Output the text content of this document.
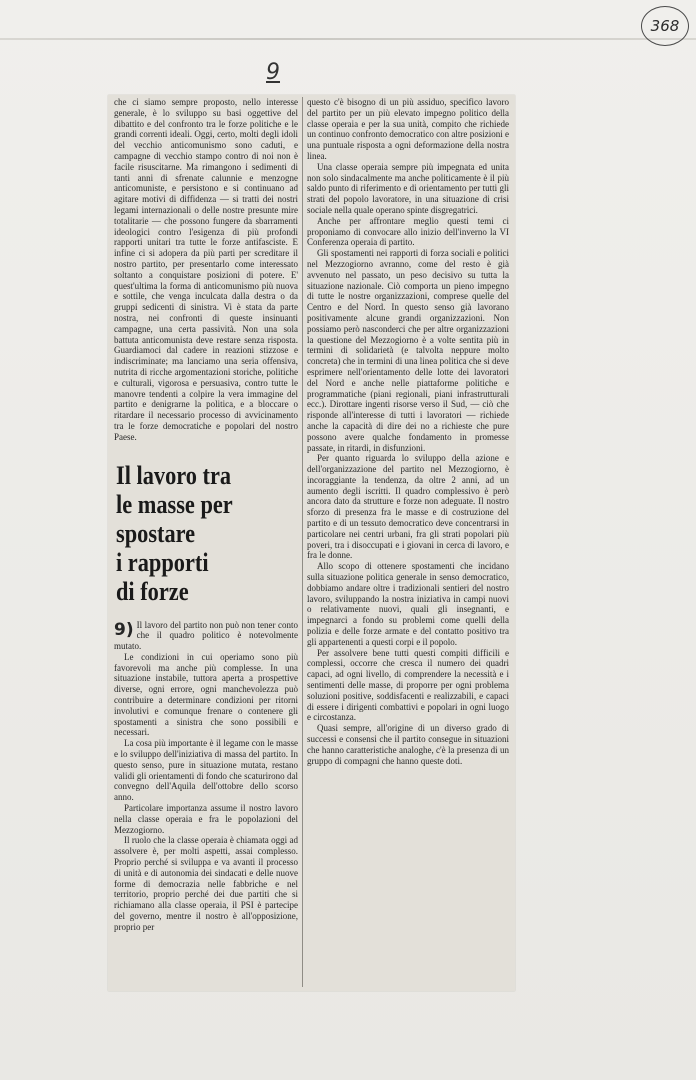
368
9

che ci siamo sempre proposto, nello interesse generale, è lo sviluppo su basi oggettive del dibattito e del confronto tra le forze politiche e le grandi correnti ideali. Oggi, certo, molti degli idoli del vecchio anticomunismo sono caduti, e campagne di vecchio stampo contro di noi non è facile risuscitarne. Ma rimangono i sedimenti di tanti anni di sfrenate calunnie e menzogne anticomuniste, e persistono e si continuano ad agitare motivi di diffidenza — si tratti dei nostri legami internazionali o delle nostre presunte mire totalitarie — che possono fungere da sbarramenti ideologici contro l'esigenza di più profondi rapporti unitari tra tutte le forze antifasciste. E infine ci si adopera da più parti per screditare il nostro partito, per presentarlo come interessato soltanto a conquistare posizioni di potere. E' quest'ultima la forma di anticomunismo più nuova e sottile, che venga inculcata dalla destra o da gruppi sedicenti di sinistra. Vi è stata da parte nostra, nei confronti di queste insinuanti campagne, una certa passività. Non una sola battuta anticomunista deve restare senza risposta. Guardiamoci dal cadere in reazioni stizzose e indiscriminate; ma lanciamo una seria offensiva, nutrita di ricche argomentazioni storiche, politiche e culturali, vigorosa e persuasiva, contro tutte le manovre tendenti a colpire la vera immagine del partito e denigrarne la politica, e a bloccare o ritardare il necessario processo di avvicinamento tra le forze democratiche e popolari del nostro Paese.

Il lavoro tra
le masse per
spostare
i rapporti
di forze

9) Il lavoro del partito non può non tener conto che il quadro politico è notevolmente mutato.

Le condizioni in cui operiamo sono più favorevoli ma anche più complesse. In una situazione instabile, tuttora aperta a prospettive diverse, ogni errore, ogni manchevolezza può contribuire a determinare condizioni per ritorni involutivi e comunque frenare o contenere gli spostamenti a sinistra che sono possibili e necessari.

La cosa più importante è il legame con le masse e lo sviluppo dell'iniziativa di massa del partito. In questo senso, pure in situazione mutata, restano validi gli orientamenti di fondo che scaturirono dal convegno dell'Aquila dell'ottobre dello scorso anno.

Particolare importanza assume il nostro lavoro nella classe operaia e fra le popolazioni del Mezzogiorno.

Il ruolo che la classe operaia è chiamata oggi ad assolvere è, per molti aspetti, assai complesso. Proprio perché si sviluppa e va avanti il processo di unità e di autonomia dei sindacati e delle nuove forme di democrazia nelle fabbriche e nel territorio, proprio perché dei due partiti che si richiamano alla classe operaia, il PSI è partecipe del governo, mentre il nostro è all'opposizione, proprio per

questo c'è bisogno di un più assiduo, specifico lavoro del partito per un più elevato impegno politico della classe operaia e per la sua unità, compito che richiede un continuo confronto democratico con altre posizioni e una puntuale risposta a ogni deformazione della nostra linea.

Una classe operaia sempre più impegnata ed unita non solo sindacalmente ma anche politicamente è il più saldo punto di riferimento e di orientamento per tutti gli strati del popolo lavoratore, in una situazione di crisi sociale nella quale operano spinte disgregatrici.

Anche per affrontare meglio questi temi ci proponiamo di convocare allo inizio dell'inverno la VI Conferenza operaia di partito.

Gli spostamenti nei rapporti di forza sociali e politici nel Mezzogiorno avranno, come del resto è già avvenuto nel passato, un peso decisivo su tutta la situazione nazionale. Ciò comporta un pieno impegno di tutte le nostre organizzazioni, comprese quelle del Centro e del Nord. In questo senso già lavorano positivamente alcune grandi organizzazioni. Non possiamo però nasconderci che per altre organizzazioni la questione del Mezzogiorno è a volte sentita più in termini di solidarietà (e talvolta neppure molto concreta) che in termini di una linea politica che si deve esprimere nell'orientamento delle lotte dei lavoratori del Nord e anche nelle piattaforme politiche e programmatiche (piani regionali, piani infrastrutturali ecc.). Dirottare ingenti risorse verso il Sud, — ciò che risponde all'interesse di tutti i lavoratori — richiede anche la capacità di dire dei no a richieste che pure possono avere qualche fondamento in promesse passate, in ritardi, in disfunzioni.

Per quanto riguarda lo sviluppo della azione e dell'organizzazione del partito nel Mezzogiorno, è incoraggiante la tendenza, da oltre 2 anni, ad un aumento degli iscritti. Il quadro complessivo è però ancora dato da strutture e forze non adeguate. Il nostro sforzo di presenza fra le masse e di costruzione del partito e di un tessuto democratico deve concentrarsi in particolare nei centri urbani, fra gli strati popolari più poveri, tra i disoccupati e i giovani in cerca di lavoro, e fra le donne.

Allo scopo di ottenere spostamenti che incidano sulla situazione politica generale in senso democratico, dobbiamo andare oltre i tradizionali sentieri del nostro lavoro, sviluppando la nostra iniziativa in campi nuovi o relativamente nuovi, quali gli insegnanti, e impegnarci a fondo su problemi come quelli della polizia e delle forze armate e del contatto positivo tra gli appartenenti a questi corpi e il popolo.

Per assolvere bene tutti questi compiti difficili e complessi, occorre che cresca il numero dei quadri capaci, ad ogni livello, di comprendere la necessità e i sentimenti delle masse, di proporre per ogni problema soluzioni positive, soddisfacenti e realizzabili, e capaci di essere i dirigenti combattivi e popolari in ogni luogo e circostanza.

Quasi sempre, all'origine di un diverso grado di successi e consensi che il partito consegue in situazioni che hanno caratteristiche analoghe, c'è la presenza di un gruppo di compagni che hanno queste doti.
